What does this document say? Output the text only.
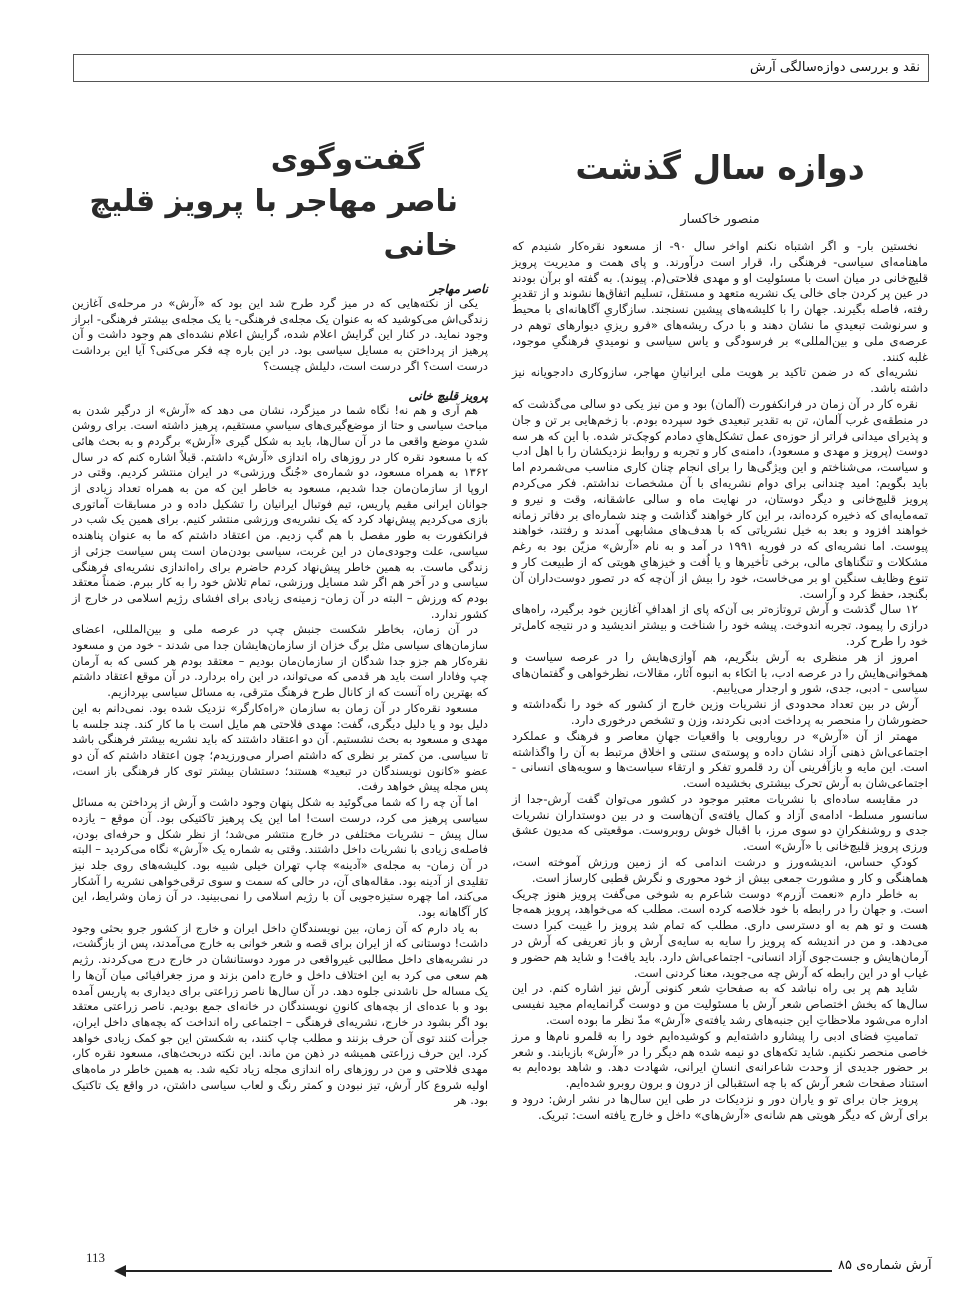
نقد و بررسی دوازه‌سالگی آرش
دوازه سال گذشت
منصور خاکسار

نخستین بار- و اگر اشتباه نکنم اواخر سال ۹۰- از مسعود نقره‌کار شنیدم که ماهنامه‌ای سیاسی- فرهنگی را، قرار است درآورند. و پای همت و مدیریت پرویز قلیچ‌خانی در میان است با مسئولیت او و مهدی فلاحتی(م. پیوند). به گفته او برآن بودند در عین پر کردن جای خالی یک نشریه متعهد و مستقل، تسلیم اتفاق‌ها نشوند و از تقدیرِ رفته، فاصله بگیرند. جهان را با کلیشه‌های پیشین نسنجند. سازگاریِ آگاهانه‌ای با محیط و سرنوشت تبعیدیِ ما نشان دهند و با درک ریشه‌های «فرو ریزیِ دیوارهای توهم در عرصه‌ی ملی و بین‌المللی» بر فرسودگی و یاس سیاسی و نومیدیِ فرهنگیِ موجود، غلبه کنند.

نشریه‌ای که در ضمن تاکید بر هویت ملی ایرانیانِ مهاجر، سازوکاری دادجویانه نیز داشته باشد.

نقره کار در آن زمان در فرانکفورت (آلمان) بود و من نیز یکی دو سالی می‌گذشت که در منطقه‌ی غرب آلمان، تن به تقدیر تبعیدی خود سپرده بودم. با زخم‌هایی بر تن و جان و پذیرای میدانی فراتر از حوزه‌ی عمل تشکل‌هایِ دمادم کوچک‌تر شده. با این که هر سه دوست (پرویز و مهدی و مسعود)، دامنه‌ی کار و تجربه و روابط نزدیکشان را با اهل ادب و سیاست، می‌شناختم و این ویژگی‌ها را برای انجام چنان کاری مناسب می‌شمردم اما باید بگویم: امید چندانی برای دوام نشریه‌ای با آن مشخصات نداشتم. فکر می‌کردم پرویز قلیچ‌خانی و دیگر دوستان، در نهایت ماه و سالی عاشقانه، وقت و نیرو و تمه‌مایه‌ای که ذخیره کرده‌اند، بر این کار خواهند گذاشت و چند شماره‌ای بر دفاتر زمانه خواهند افزود و بعد به خیل نشریاتی که با هدف‌های مشابهی آمدند و رفتند، خواهند پیوست. اما نشریه‌ای که در فوریه ۱۹۹۱ در آمد و به نام «آرش» مزیّن بود به رغم مشکلات و تنگناهای مالی، برخی تأخیرها و یا اُفت و خیزهایِ هویتی که از طبیعت کار و تنوع وظایف سنگین او بر می‌خاست، خود را بیش از آن‌چه که در تصور دوست‌داران آن بگنجد، حفظ کرد و آراست.

۱۲ سال گذشت و آرش تروتازه‌تر بی آن‌که پای از اهدافِ آغازین خود برگیرد، راه‌های درازی را پیمود. تجربه اندوخت. پیشه خود را شناخت و بیشتر اندیشید و در نتیجه کامل‌تر خود را طرح کرد.

امروز از هر منظری به آرش بنگریم، هم آوازی‌هایش را در عرصه سیاست و همخوانی‌هایش را در عرصه ادب، با اتکاء به انبوه آثار، مقالات، نظرخواهی و گفتمان‌های سیاسی - ادبی، جدی، شور و ارجدار می‌یابیم.

آرش در بین تعداد محدودی از نشریات وزین خارج از کشور که خود را نگه‌داشته و حضورشان را منحصر به پرداخت ادبی نکردند، وزن و تشخص درخوری دارد.

مهمتر از آن «آرش» در رویارویی با واقعیات جهانِ معاصر و فرهنگ و عملکرد اجتماعی‌اش ذهنی آزاد نشان داده و پوسته‌ی سنتی و اخلاق مرتبط به آن را واگذاشته است. این مایه و بازآفرینی آن رد قلمرو تفکر و ارتقاء سیاست‌ها و سویه‌های انسانی - اجتماعی‌شان به آرش تحرک بیشتری بخشیده است.

در مقایسه ساده‌ای با نشریات معتبر موجود در کشور می‌توان گفت آرش-جدا از سانسور مسلط- ادامه‌ی آزاد و کمال یافته‌ی آن‌هاست و در بین دوستداران نشریات جدی و روشنفکرانِ دو سوی مرز، با اقبال خوش روبروست. موقعیتی که مدیون عشق ورزی پرویز قلیچ‌خانی با «آرش» است.

کودکِ حساس، اندیشه‌ورز و درشت اندامی که از زمین ورزش آموخته است، هماهنگی و کار و مشورت جمعی بیش از خود محوری و نگرش قطبی کارساز است.

به خاطر دارم «نعمت آزرم» دوست شاعرم به شوخی می‌گفت پرویز هنوز چریک است. و جهان را در رابطه با خود خلاصه کرده است. مطلب که می‌خواهد، پرویز همه‌جا هست و تو هم به او دسترسی داری. مطلب که تمام شد پرویز را غیبت کبرا دست می‌دهد. و من در اندیشه که پرویز را سایه به سایه‌ی آرش و باز تعریفی که آرش در آرمان‌هایش و جست‌جوی آزاد انسانی- اجتماعی‌اش دارد. باید یافت! و شاید هم حضور و غیاب او در این رابطه که آرش چه می‌جوید، معنا کردنی است.

شاید هم پر بی راه نباشد که به صفحاتِ شعر کنونی آرش نیز اشاره کنم. در این سال‌ها که بخش اختصاص شعر آرش با مسئولیت من و دوست گرانمایه‌ام مجید نفیسی اداره می‌شود ملاحظاتِ این جنبه‌های رشد یافته‌ی «آرش» مدّ نظر ما بوده است.

تمامیتِ فضای ادبی را پیشارو داشته‌ایم و کوشیده‌ایم خود را به قلمرو نام‌ها و مرز خاصی منحصر نکنیم. شاید تکه‌های دو نیمه شده هم دیگر را در «آرش» بازیابند. و شعر بر حضور جدیدی از وحدت شاعرانه‌ی انسانِ ایرانی، شهادت دهد. و شاهد بوده‌ایم به استناد صفحات شعر آرش که با چه استقبالی از درون و برون روبرو شده‌ایم.

پرویز جان برای تو و یاران دور و نزدیکات در طی این سال‌ها در نشر ارش: درود و برای آرش که دیگر هویتی هم شانه‌ی «آرش‌های» داخل و خارج یافته است: تبریک.

گفت‌وگوی
ناصر مهاجر با پرویز قلیچ خانی
ناصر مهاجر

یکی از نکته‌هایی که در میز گرد طرح شد این بود که «آرش» در مرحله‌ی آغازین زندگی‌اش می‌کوشید که به عنوان یک مجله‌ی فرهنگی- یا یک مجله‌ی بیشتر فرهنگی- ابراز وجود نماید. در کنار این گرایش اعلام شده، گرایش اعلام نشده‌ای هم وجود داشت و آن پرهیز از پرداختن به مسایل سیاسی بود. در این باره چه فکر می‌کنی؟ آیا این برداشت درست است؟ اگر درست است، دلیلش چیست؟

پرویز قلیچ خانی

هم آری و هم نه! نگاه شما در میزگرد، نشان می دهد که «آرش» از درگیر شدن به مباحث سیاسی و حتا از موضع‌گیری‌های سیاسیِ مستقیم، پرهیز داشته است. برای روشن شدنِ موضع واقعی ما در آن سال‌ها، باید به شکل گیری «آرش» برگردم و به بحث هائی که با مسعود نقره کار در روزهای راه اندازی «آرش» داشتم. قبلاً اشاره کنم که در سال ۱۳۶۲ به همراه مسعود، دو شماره‌ی «جُنگ ورزشی» در ایران منتشر کردیم. وقتی در اروپا از سازمان‌مان جدا شدیم، مسعود به خاطر این که من به همراه تعداد زیادی از جوانان ایرانی مقیم پاریس، تیم فوتبال ایرانیان را تشکیل داده و در مسابقات آماتوری بازی می‌کردیم پیش‌نهاد کرد که یک نشریه‌ی ورزشی منتشر کنیم. برای همین یک شب در فرانکفورت به طور مفصل با هم گپ زدیم. من اعتقاد داشتم که ما به عنوان پناهنده سیاسی، علت وجودی‌مان در این غربت، سیاسی بودن‌مان است پس سیاست جزئی از زندگی ماست. به همین خاطر پیش‌نهاد کردم حاضرم برای راه‌اندازی نشریه‌ای فرهنگی سیاسی و در آخر هم اگر شد مسایل ورزشی، تمام تلاش خود را به کار ببرم. ضمناً معتقد بودم که ورزش – البته در آن زمان- زمینه‌ی زیادی برای افشای رژیم اسلامی در خارج از کشور ندارد.

در آن زمان، بخاطر شکست جنبش چپ در عرصه ملی و بین‌المللی، اعضای سازمان‌های سیاسی مثل برگ خزان از سازمان‌هایشان جدا می شدند - خود من و مسعود نقره‌کار هم جزو جدا شدگان از سازمان‌مان بودیم – معتقد بودم هر کسی که به آرمان چپ وفادار است باید هر قدمی که می‌تواند، در این راه بردارد. در آن موقع اعتقاد داشتم که بهترین راه آنست که از کانال طرح فرهنگ مترقی، به مسائل سیاسی بپردازیم.

مسعود نقره‌کار در آن زمان به سازمان «راه‌کارگر» نزدیک شده بود. نمی‌دانم به این دلیل بود و یا دلیل دیگری، گفت: مهدی فلاحتی هم مایل است با ما کار کند. چند جلسه با مهدی و مسعود به بحث نشستیم. آن دو اعتقاد داشتند که باید نشریه بیشتر فرهنگی باشد تا سیاسی. من کمتر بر نظری که داشتم اصرار می‌ورزیدم؛ چون اعتقاد داشتم که آن دو عضو «کانون نویسندگان در تبعید» هستند؛ دستشان بیشتر توی کار فرهنگی باز است، پس مجله پیش خواهد رفت.

اما آن چه را که شما می‌گوئید به شکل پنهان وجود داشت و آرش از پرداختن به مسائل سیاسی پرهیز می کرد، درست است! اما این یک پرهیز تاکتیکی بود. آن موقع – یازده سال پیش – نشریات مختلفی در خارج منتشر می‌شد؛ از نظر شکل و حرفه‌ای بودن، فاصله‌ی زیادی با نشریات داخل داشتند. وقتی به شماره یک «آرش» نگاه می‌کردید – البته در آن زمان- به مجله‌ی «آدینه» چاپ تهران خیلی شبیه بود. کلیشه‌های روی جلد نیز تقلیدی از آدینه بود. مقاله‌های آن، در حالی که سمت و سوی ترقی‌خواهی نشریه را آشکار می‌کند، اما چهره ستیزه‌جویی آن با رژیم اسلامی را نمی‌بینید. در آن زمان وشرایط، این کار آگاهانه بود.

به یاد دارم که آن زمان، بین نویسندگانِ داخل ایران و خارج از کشور جرو بحثی وجود داشت! دوستانی که از ایران برای قصه و شعر خوانی به خارج می‌آمدند، پس از بازگشت، در نشریه‌های داخل مطالبی غیرواقعی در مورد دوستانشان در خارج درج می‌کردند. رژیم هم سعی می کرد به این اختلاف داخل و خارج دامن بزند و مرز جغرافیائی میان آن‌ها را یک مساله حل ناشدنی جلوه دهد. در آن سال‌ها ناصر زراعتی برای دیداری به پاریس آمده بود و با عده‌ای از بچه‌های کانونِ نویسندگان در خانه‌ای جمع بودیم. ناصر زراعتی معتقد بود اگر بشود در خارج، نشریه‌ای فرهنگی – اجتماعی راه انداخت که بچه‌های داخل ایران، جرأت کنند توی آن حرف بزنند و مطلب چاپ کنند، به شکستن این جو کمک زیادی خواهد کرد. این حرف زراعتی همیشه در ذهن من ماند. این نکته دربحث‌های، مسعود نقره کار، مهدی فلاحتی و من در روزهای راه اندازی مجله زیاد تکیه شد. به همین خاطر در ماه‌های اولیه شروع کار آرش، تیز نبودن و کمتر رنگ و لعاب سیاسی داشتن، در واقع یک تاکتیک بود. هر

آرش شماره‌ی ۸۵
113
